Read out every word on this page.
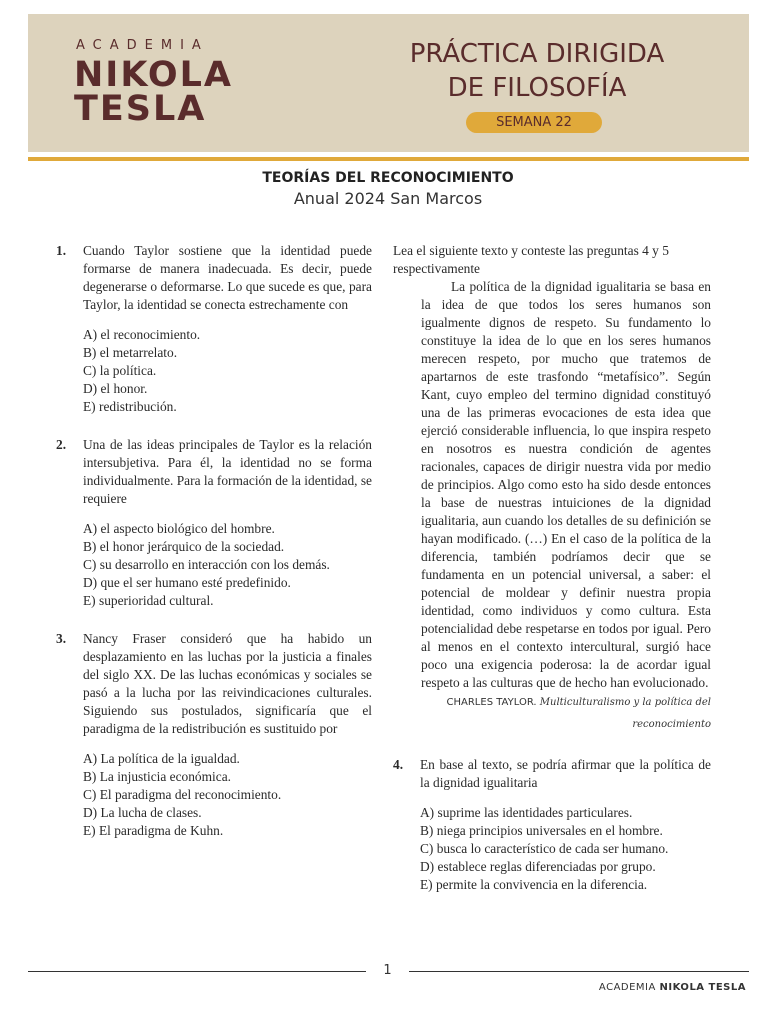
ACADEMIA
NIKOLA
TESLA
PRÁCTICA DIRIGIDA
DE FILOSOFÍA
SEMANA 22
TEORÍAS DEL RECONOCIMIENTO
Anual 2024 San Marcos
1. Cuando Taylor sostiene que la identidad puede formarse de manera inadecuada. Es decir, puede degenerarse o deformarse. Lo que sucede es que, para Taylor, la identidad se conecta estrechamente con
A) el reconocimiento.
B) el metarrelato.
C) la política.
D) el honor.
E) redistribución.
2. Una de las ideas principales de Taylor es la relación intersubjetiva. Para él, la identidad no se forma individualmente. Para la formación de la identidad, se requiere
A) el aspecto biológico del hombre.
B) el honor jerárquico de la sociedad.
C) su desarrollo en interacción con los demás.
D) que el ser humano esté predefinido.
E) superioridad cultural.
3. Nancy Fraser consideró que ha habido un desplazamiento en las luchas por la justicia a finales del siglo XX. De las luchas económicas y sociales se pasó a la lucha por las reivindicaciones culturales. Siguiendo sus postulados, significaría que el paradigma de la redistribución es sustituido por
A) La política de la igualdad.
B) La injusticia económica.
C) El paradigma del reconocimiento.
D) La lucha de clases.
E) El paradigma de Kuhn.

Lea el siguiente texto y conteste las preguntas 4 y 5 respectivamente

La política de la dignidad igualitaria se basa en la idea de que todos los seres humanos son igualmente dignos de respeto. Su fundamento lo constituye la idea de lo que en los seres humanos merecen respeto, por mucho que tratemos de apartarnos de este trasfondo “metafísico”. Según Kant, cuyo empleo del termino dignidad constituyó una de las primeras evocaciones de esta idea que ejerció considerable influencia, lo que inspira respeto en nosotros es nuestra condición de agentes racionales, capaces de dirigir nuestra vida por medio de principios. Algo como esto ha sido desde entonces la base de nuestras intuiciones de la dignidad igualitaria, aun cuando los detalles de su definición se hayan modificado. (…) En el caso de la política de la diferencia, también podríamos decir que se fundamenta en un potencial universal, a saber: el potencial de moldear y definir nuestra propia identidad, como individuos y como cultura. Esta potencialidad debe respetarse en todos por igual. Pero al menos en el contexto intercultural, surgió hace poco una exigencia poderosa: la de acordar igual respeto a las culturas que de hecho han evolucionado.

CHARLES TAYLOR. Multiculturalismo y la política del reconocimiento
4. En base al texto, se podría afirmar que la política de la dignidad igualitaria
A) suprime las identidades particulares.
B) niega principios universales en el hombre.
C) busca lo característico de cada ser humano.
D) establece reglas diferenciadas por grupo.
E) permite la convivencia en la diferencia.
1
ACADEMIA NIKOLA TESLA
